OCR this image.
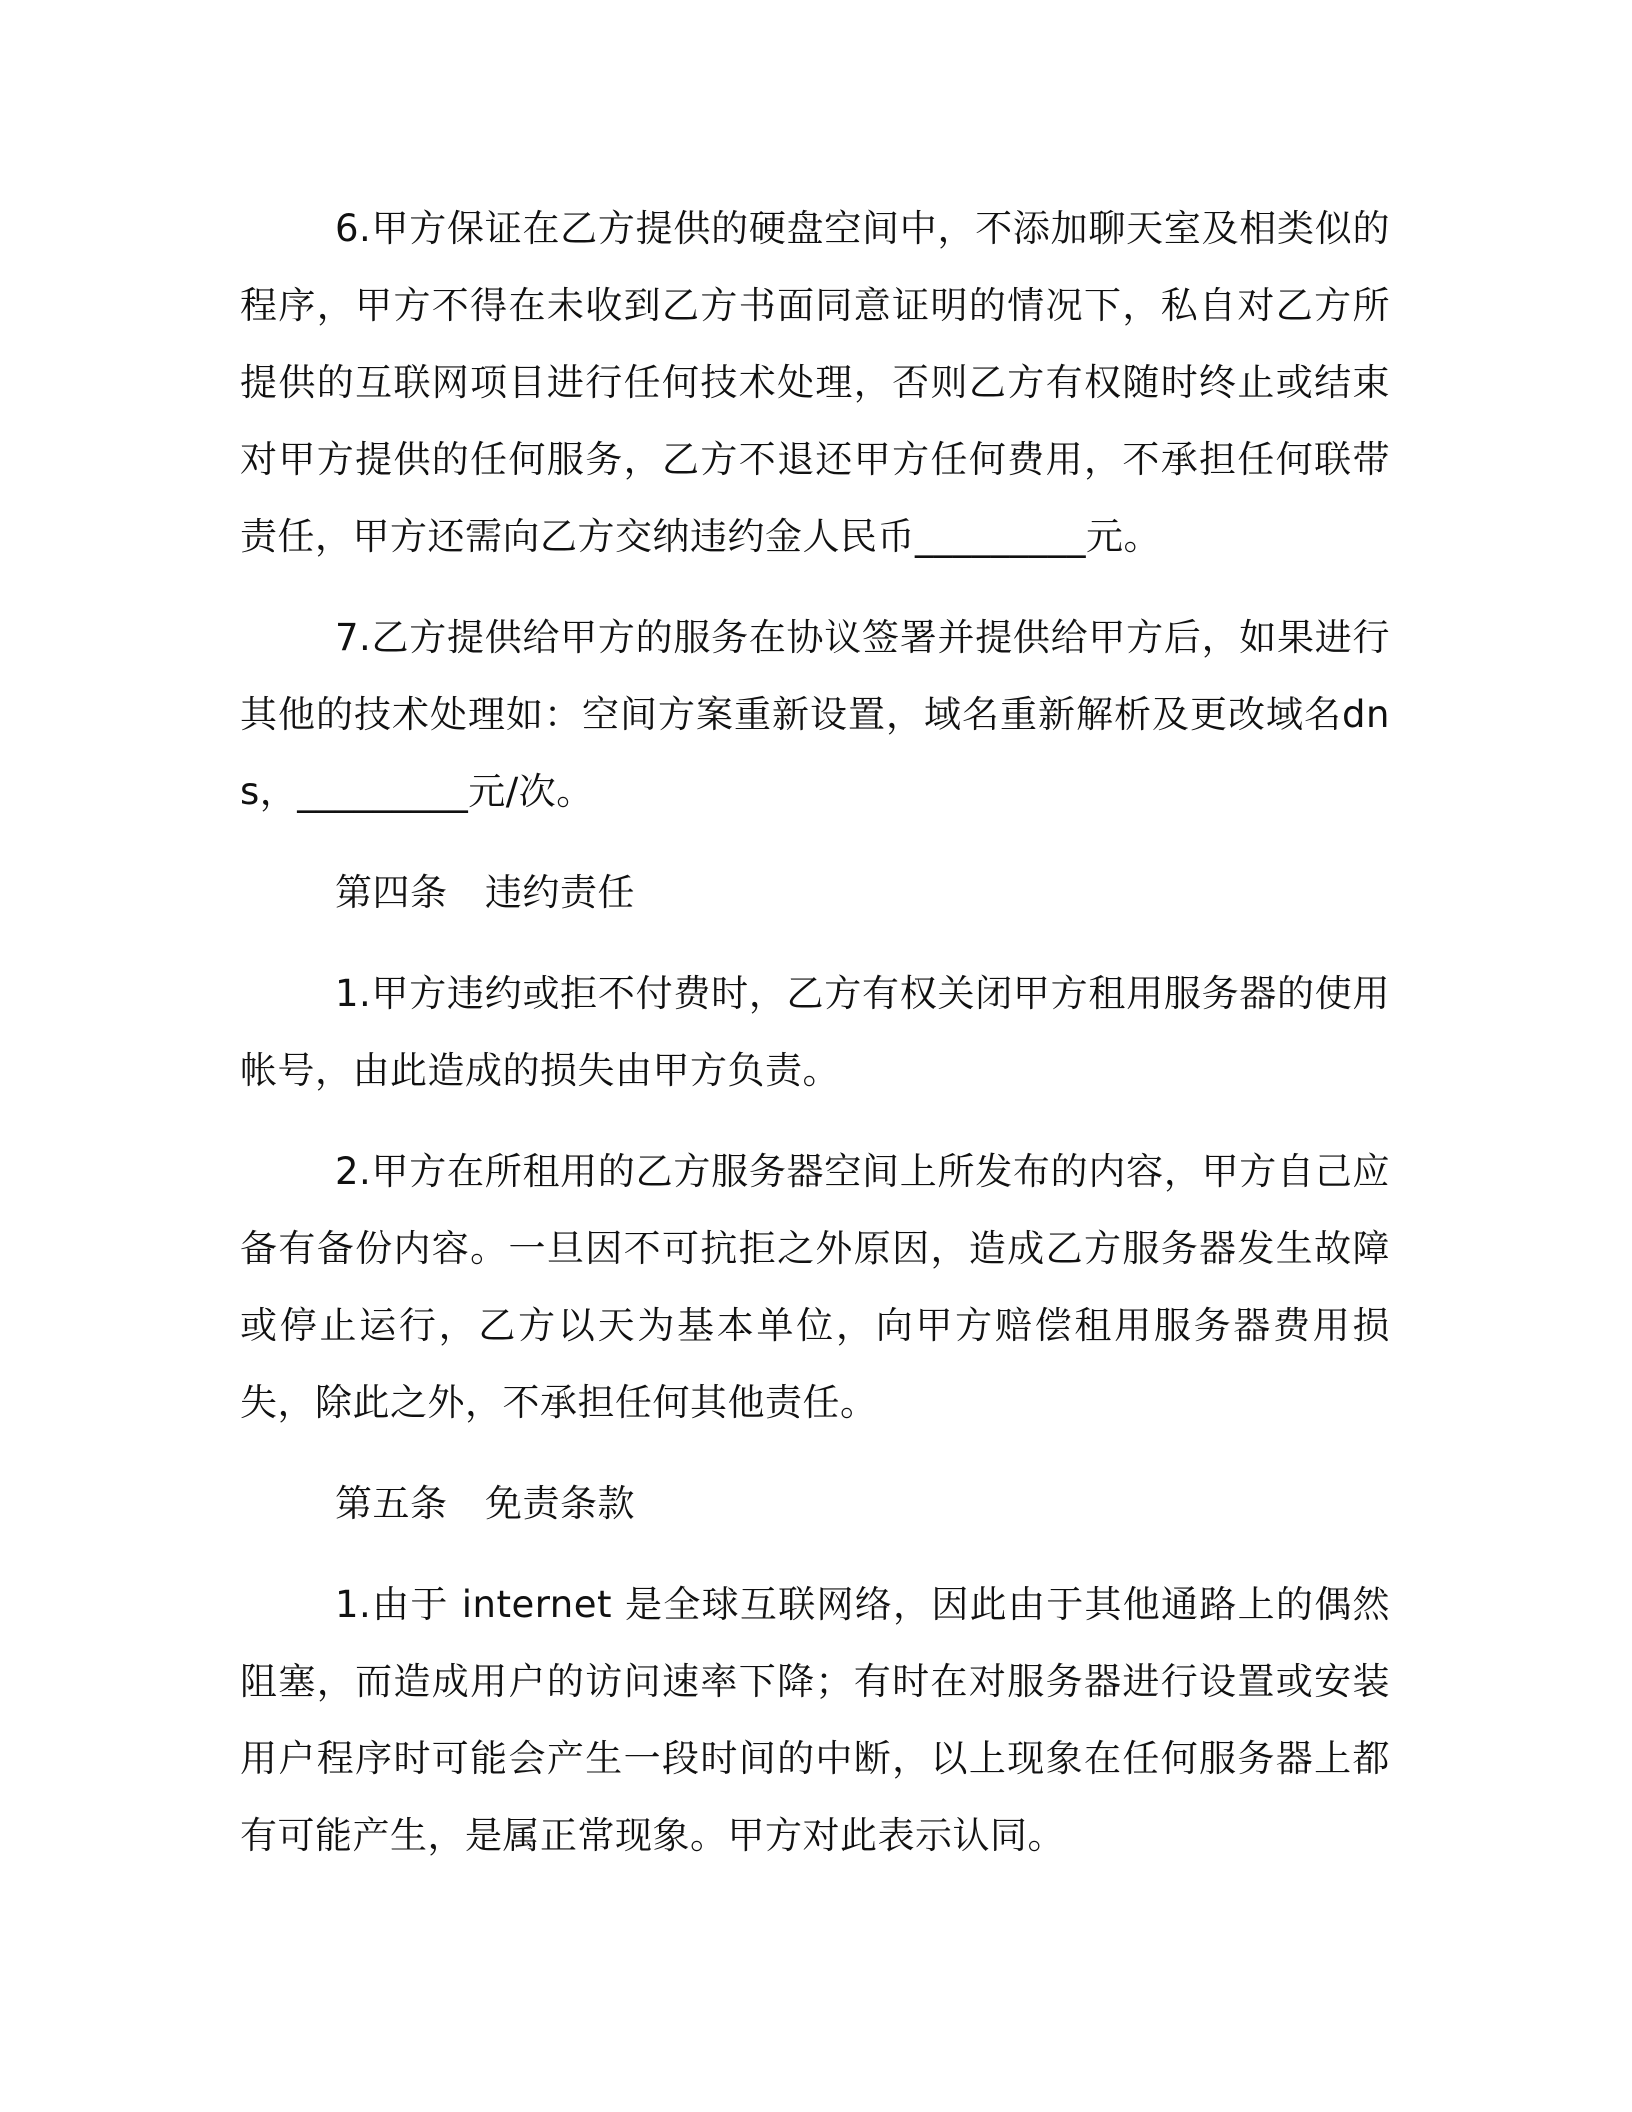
6.甲方保证在乙方提供的硬盘空间中，不添加聊天室及相类似的程序，甲方不得在未收到乙方书面同意证明的情况下，私自对乙方所提供的互联网项目进行任何技术处理，否则乙方有权随时终止或结束对甲方提供的任何服务，乙方不退还甲方任何费用，不承担任何联带责任，甲方还需向乙方交纳违约金人民币_________元。

7.乙方提供给甲方的服务在协议签署并提供给甲方后，如果进行其他的技术处理如：空间方案重新设置，域名重新解析及更改域名dns，_________元/次。

第四条　违约责任

1.甲方违约或拒不付费时，乙方有权关闭甲方租用服务器的使用帐号，由此造成的损失由甲方负责。

2.甲方在所租用的乙方服务器空间上所发布的内容，甲方自己应备有备份内容。一旦因不可抗拒之外原因，造成乙方服务器发生故障或停止运行，乙方以天为基本单位，向甲方赔偿租用服务器费用损失，除此之外，不承担任何其他责任。

第五条　免责条款

1.由于 internet 是全球互联网络，因此由于其他通路上的偶然阻塞，而造成用户的访问速率下降；有时在对服务器进行设置或安装用户程序时可能会产生一段时间的中断，以上现象在任何服务器上都有可能产生，是属正常现象。甲方对此表示认同。
